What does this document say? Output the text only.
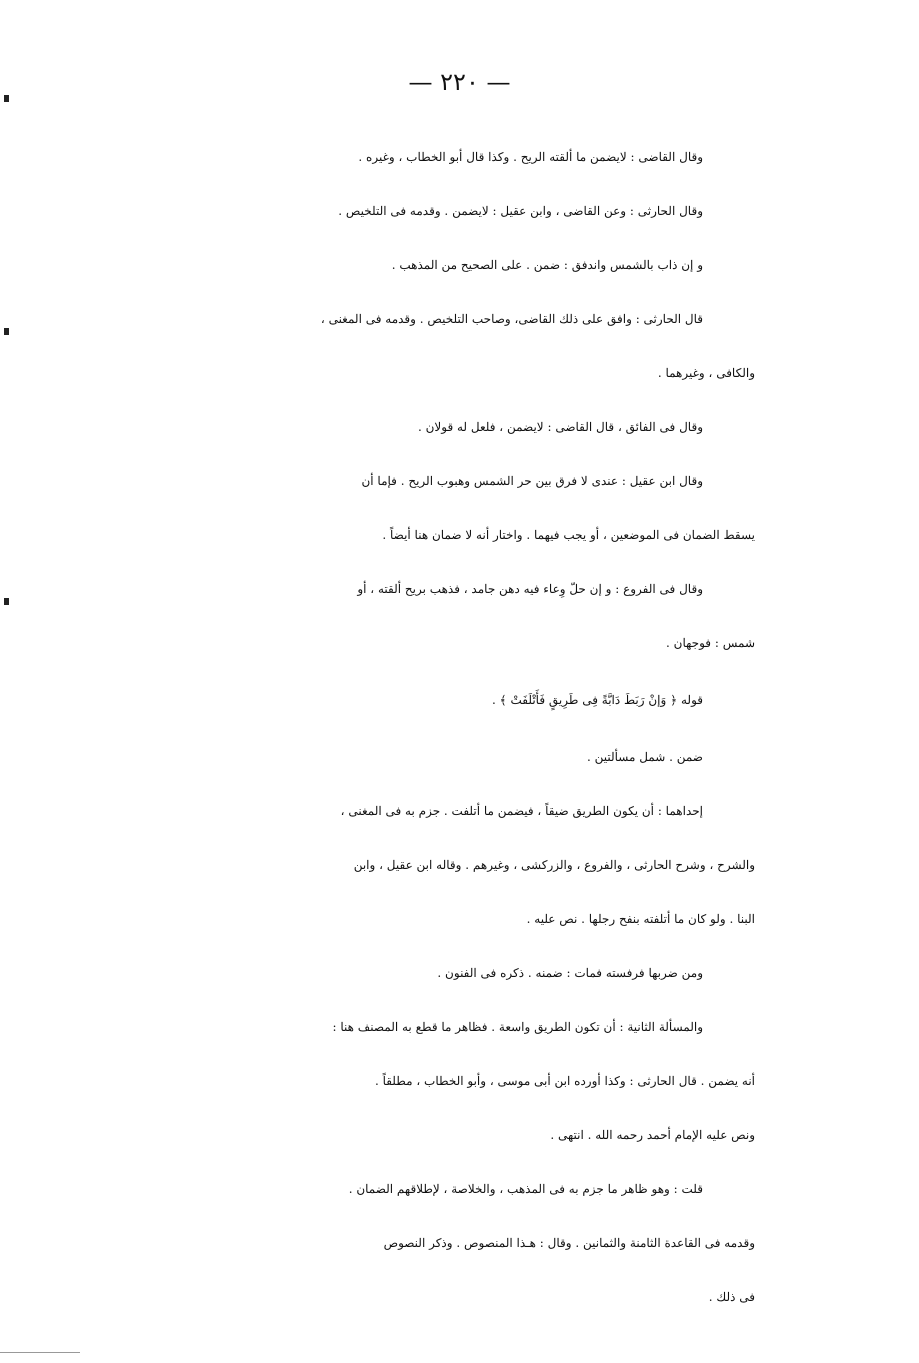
— ٢٢٠ —
وقال القاضى : لايضمن ما ألقته الريح . وكذا قال أبو الخطاب ، وغيره .
وقال الحارثى : وعن القاضى ، وابن عقيل : لايضمن . وقدمه فى التلخيص .
و إن ذاب بالشمس واندفق : ضمن . على الصحيح من المذهب .
قال الحارثى : وافق على ذلك القاضى، وصاحب التلخيص . وقدمه فى المغنى ،
والكافى ، وغيرهما .
وقال فى الفائق ، قال القاضى : لايضمن ، فلعل له قولان .
وقال ابن عقيل : عندى لا فرق بين حر الشمس وهبوب الريح . فإما أن
يسقط الضمان فى الموضعين ، أو يجب فيهما . واختار أنه لا ضمان هنا أيضاً .
وقال فى الفروع : و إن حلّ وِعاء فيه دهن جامد ، فذهب بريح ألقته ، أو
شمس : فوجهان .
قوله ﴿ وَإنْ رَبَطَ دَابَّةً فِى طَرِيقٍ فَأَتْلَفَتْ ﴾ .
ضمن . شمل مسألتين .
إحداهما : أن يكون الطريق ضيقاً ، فيضمن ما أتلفت . جزم به فى المغنى ،
والشرح ، وشرح الحارثى ، والفروع ، والزركشى ، وغيرهم . وقاله ابن عقيل ، وابن
البنا . ولو كان ما أتلفته بنفح رجلها . نص عليه .
ومن ضربها فرفسته فمات : ضمنه . ذكره فى الفنون .
والمسألة الثانية : أن تكون الطريق واسعة . فظاهر ما قطع به المصنف هنا :
أنه يضمن . قال الحارثى : وكذا أورده ابن أبى موسى ، وأبو الخطاب ، مطلقاً .
ونص عليه الإمام أحمد رحمه الله . انتهى .
قلت : وهو ظاهر ما جزم به فى المذهب ، والخلاصة ، لإطلاقهم الضمان .
وقدمه فى القاعدة الثامنة والثمانين . وقال : هـذا المنصوص . وذكر النصوص
فى ذلك .
